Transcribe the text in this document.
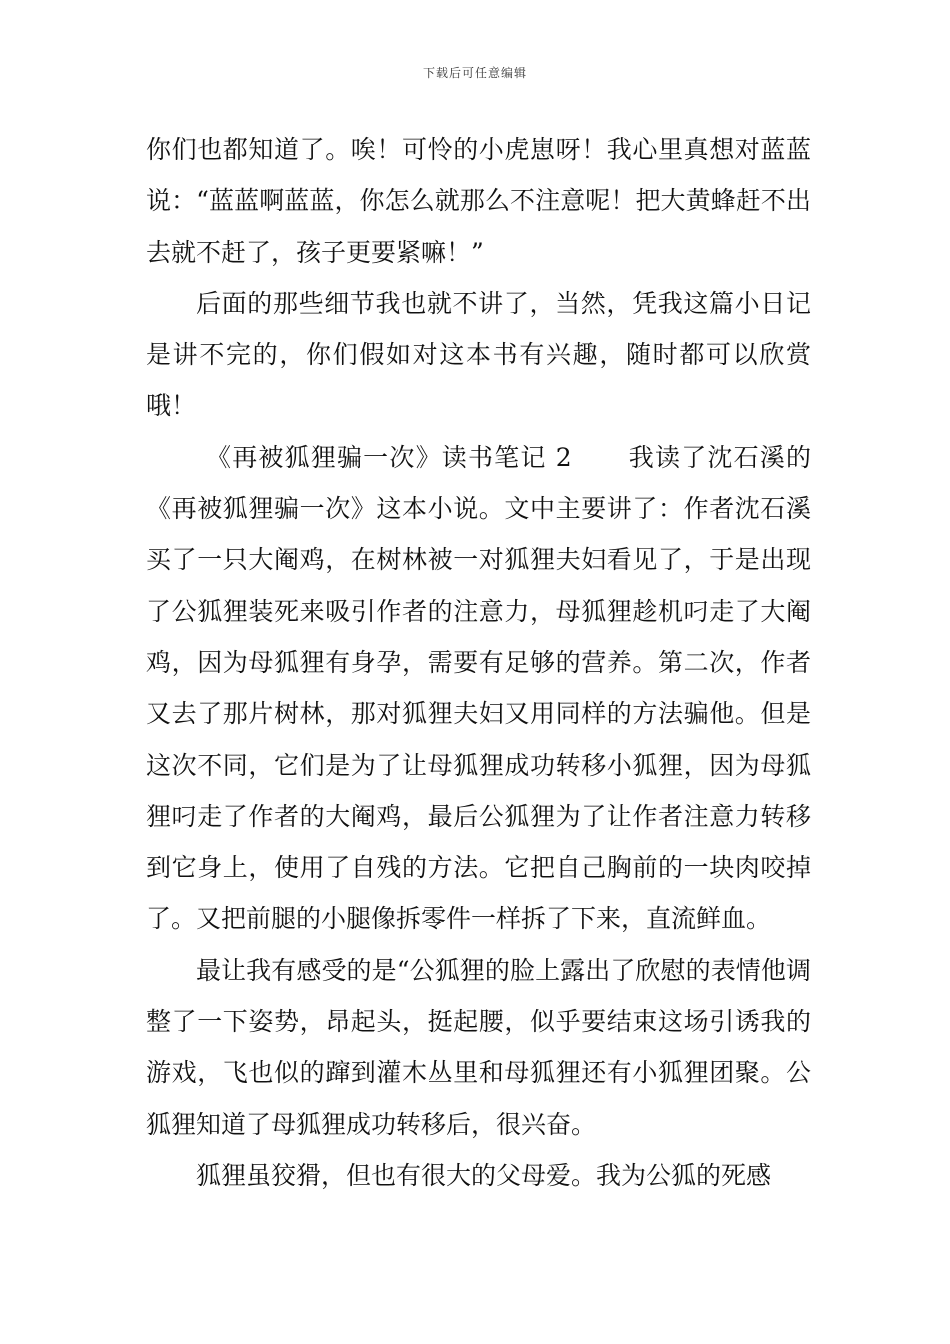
下载后可任意编辑

你们也都知道了。唉！可怜的小虎崽呀！我心里真想对蓝蓝说：“蓝蓝啊蓝蓝，你怎么就那么不注意呢！把大黄蜂赶不出去就不赶了，孩子更要紧嘛！”

后面的那些细节我也就不讲了，当然，凭我这篇小日记是讲不完的，你们假如对这本书有兴趣，随时都可以欣赏哦！

《再被狐狸骗一次》读书笔记 2 我读了沈石溪的《再被狐狸骗一次》这本小说。文中主要讲了：作者沈石溪买了一只大阉鸡，在树林被一对狐狸夫妇看见了，于是出现了公狐狸装死来吸引作者的注意力，母狐狸趁机叼走了大阉鸡，因为母狐狸有身孕，需要有足够的营养。第二次，作者又去了那片树林，那对狐狸夫妇又用同样的方法骗他。但是这次不同，它们是为了让母狐狸成功转移小狐狸，因为母狐狸叼走了作者的大阉鸡，最后公狐狸为了让作者注意力转移到它身上，使用了自残的方法。它把自己胸前的一块肉咬掉了。又把前腿的小腿像拆零件一样拆了下来，直流鲜血。

最让我有感受的是“公狐狸的脸上露出了欣慰的表情他调整了一下姿势，昂起头，挺起腰，似乎要结束这场引诱我的游戏，飞也似的蹿到灌木丛里和母狐狸还有小狐狸团聚。公狐狸知道了母狐狸成功转移后，很兴奋。

狐狸虽狡猾，但也有很大的父母爱。我为公狐的死感
